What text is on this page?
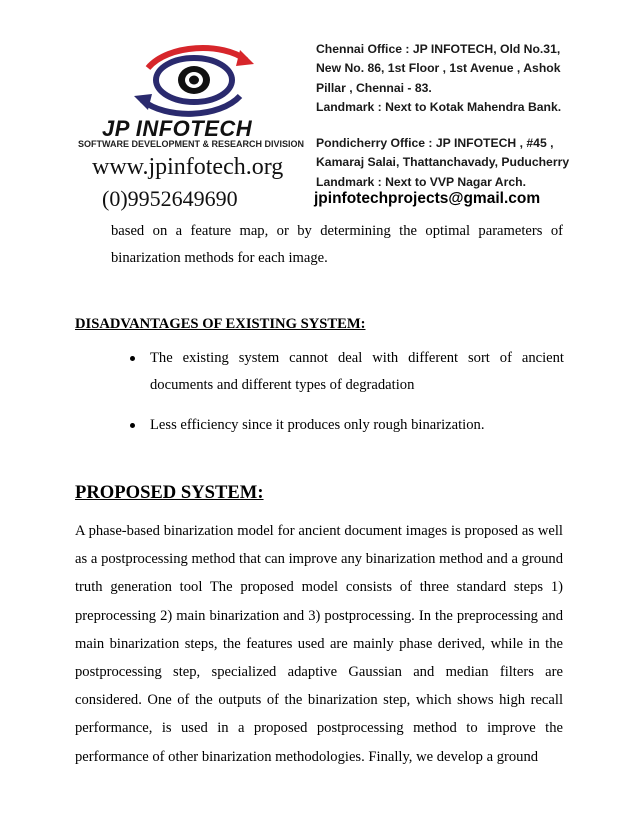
JP INFOTECH
SOFTWARE DEVELOPMENT & RESEARCH DIVISION
www.jpinfotech.org
(0)9952649690
Chennai Office : JP INFOTECH, Old No.31,
New No. 86, 1st Floor , 1st Avenue , Ashok
Pillar , Chennai - 83.
Landmark : Next to Kotak Mahendra Bank.
Pondicherry Office : JP INFOTECH , #45 ,
Kamaraj Salai, Thattanchavady, Puducherry
Landmark : Next to VVP Nagar Arch.
jpinfotechprojects@gmail.com

based on a feature map, or by determining the optimal parameters of binarization methods for each image.

DISADVANTAGES OF EXISTING SYSTEM:
The existing system cannot deal with different sort of ancient documents and different types of degradation
Less efficiency since it produces only rough binarization.
PROPOSED SYSTEM:

A phase-based binarization model for ancient document images is proposed as well as a postprocessing method that can improve any binarization method and a ground truth generation tool The proposed model consists of three standard steps 1) preprocessing 2) main binarization and 3) postprocessing. In the preprocessing and main binarization steps, the features used are mainly phase derived, while in the postprocessing step, specialized adaptive Gaussian and median filters are considered. One of the outputs of the binarization step, which shows high recall performance, is used in a proposed postprocessing method to improve the performance of other binarization methodologies. Finally, we develop a ground
